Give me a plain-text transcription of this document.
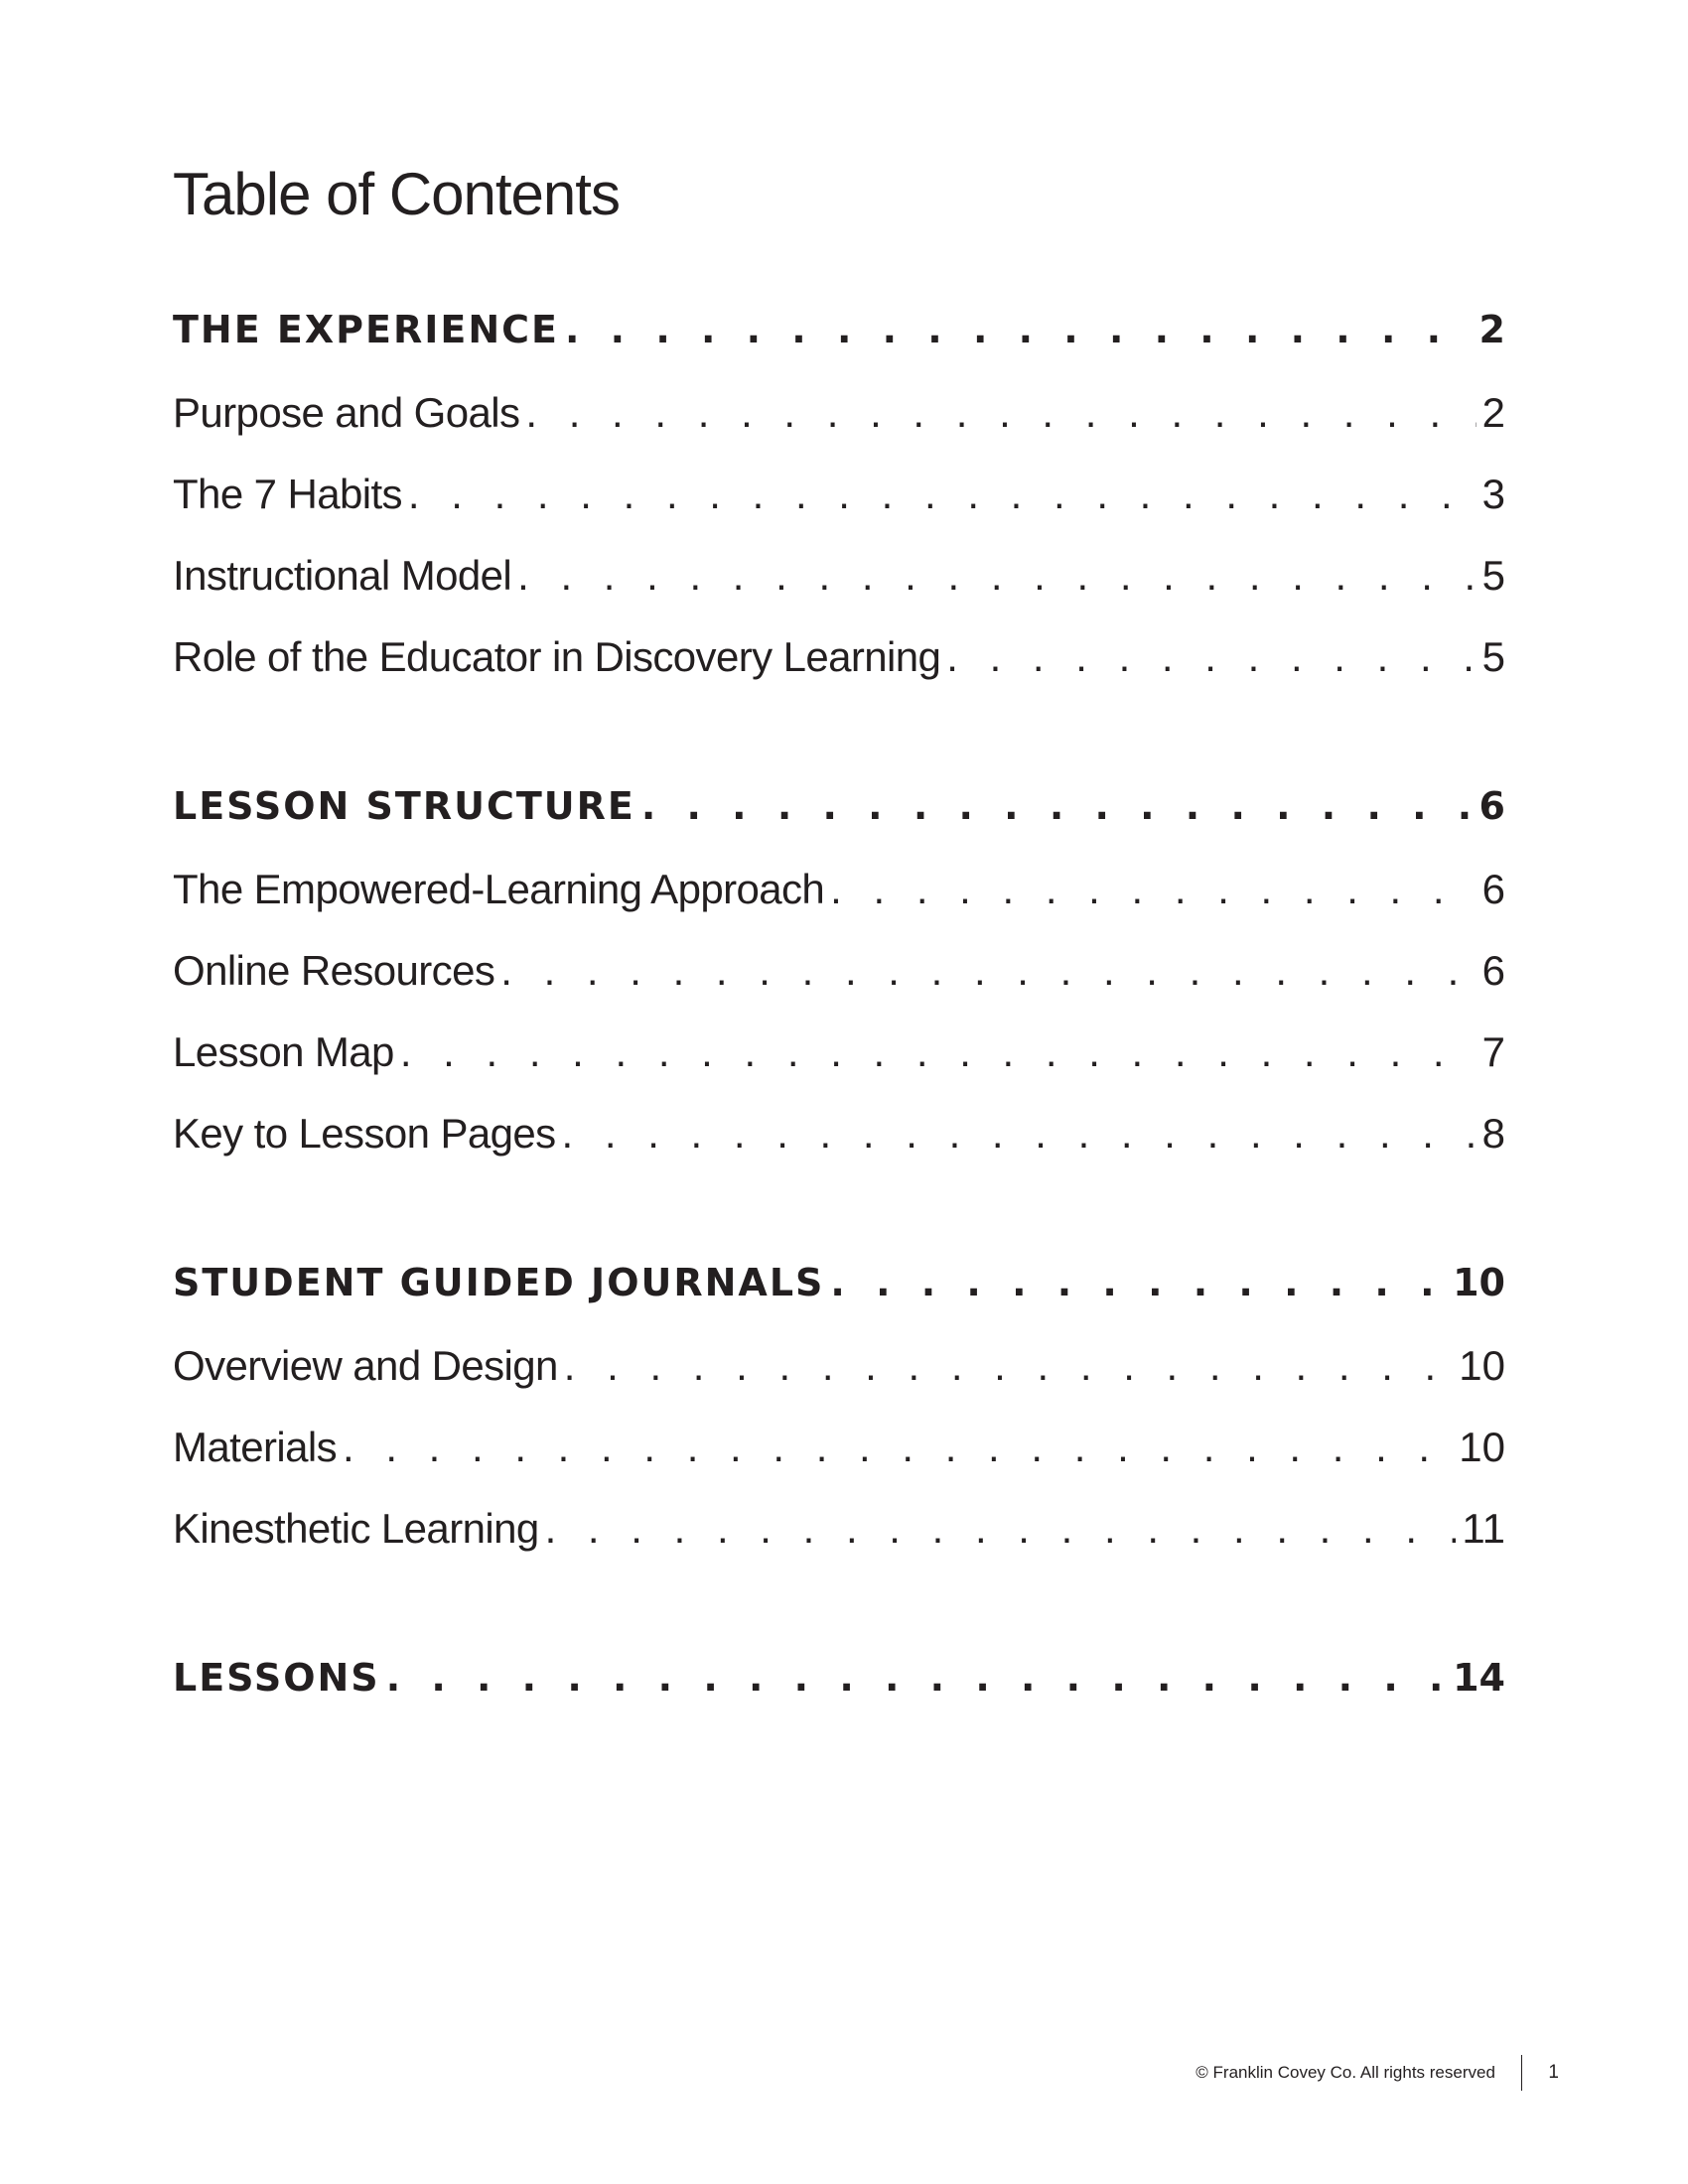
Table of Contents
THE EXPERIENCE . . .	2
Purpose and Goals . . .	2
The 7 Habits . . .	3
Instructional Model . . .	5
Role of the Educator in Discovery Learning . . .	5
LESSON STRUCTURE . . .	6
The Empowered-Learning Approach . . .	6
Online Resources . . .	6
Lesson Map . . .	7
Key to Lesson Pages . . .	8
STUDENT GUIDED JOURNALS . . .	10
Overview and Design . . .	10
Materials . . .	10
Kinesthetic Learning . . .	11
LESSONS . . .	14
© Franklin Covey Co. All rights reserved	1
